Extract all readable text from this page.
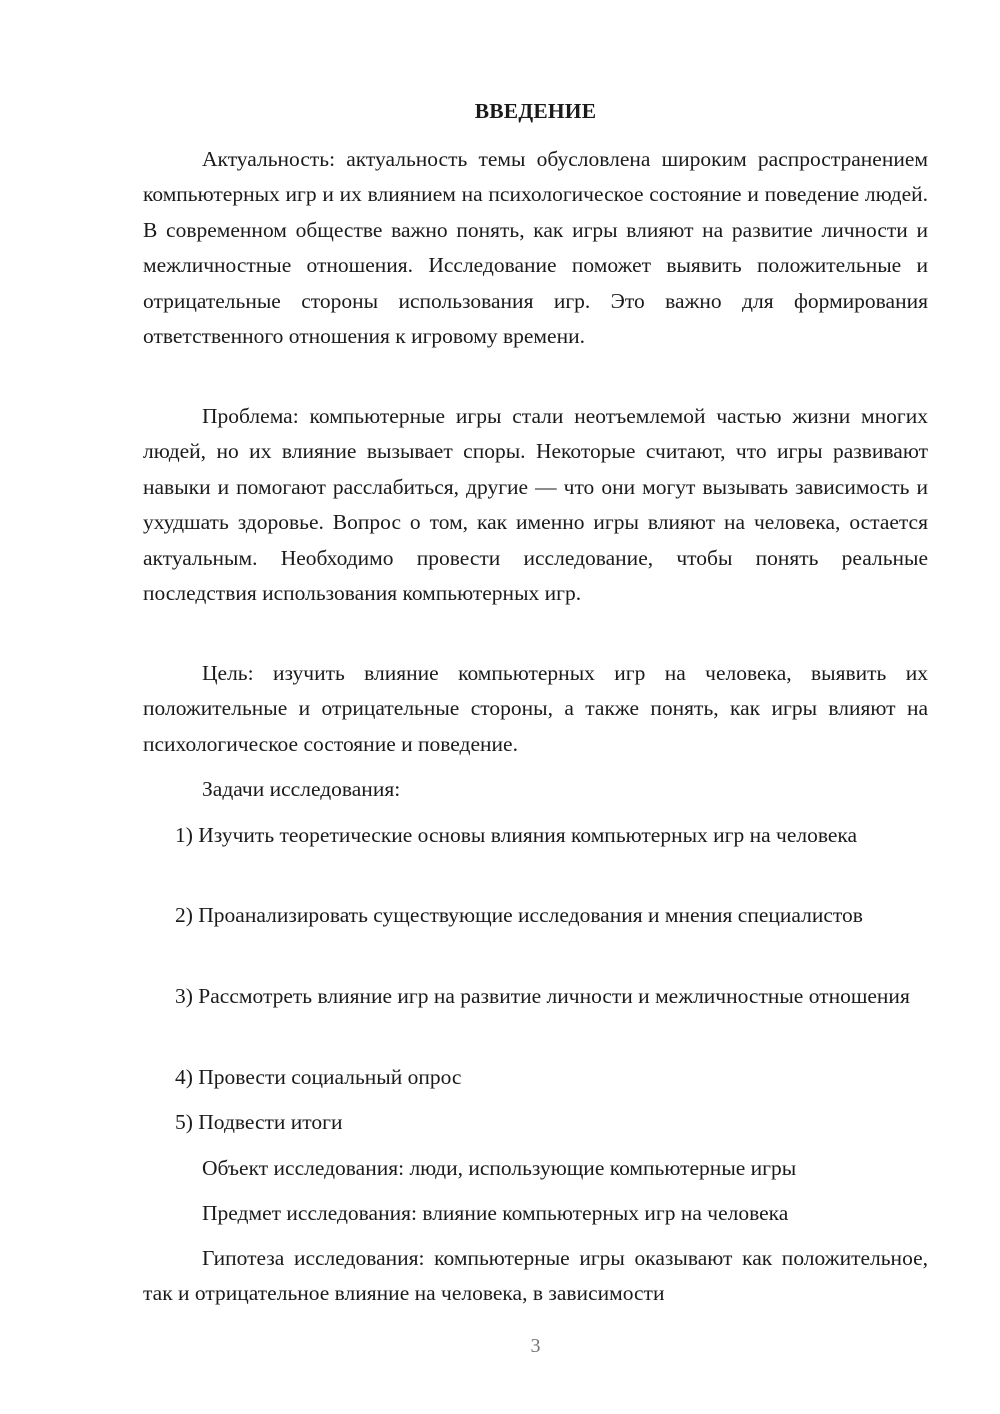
ВВЕДЕНИЕ

Актуальность: актуальность темы обусловлена широким распространением компьютерных игр и их влиянием на психологическое состояние и поведение людей. В современном обществе важно понять, как игры влияют на развитие личности и межличностные отношения. Исследование поможет выявить положительные и отрицательные стороны использования игр. Это важно для формирования ответственного отношения к игровому времени.

Проблема: компьютерные игры стали неотъемлемой частью жизни многих людей, но их влияние вызывает споры. Некоторые считают, что игры развивают навыки и помогают расслабиться, другие — что они могут вызывать зависимость и ухудшать здоровье. Вопрос о том, как именно игры влияют на человека, остается актуальным. Необходимо провести исследование, чтобы понять реальные последствия использования компьютерных игр.

Цель: изучить влияние компьютерных игр на человека, выявить их положительные и отрицательные стороны, а также понять, как игры влияют на психологическое состояние и поведение.

Задачи исследования:

1) Изучить теоретические основы влияния компьютерных игр на человека

2) Проанализировать существующие исследования и мнения специалистов

3) Рассмотреть влияние игр на развитие личности и межличностные отношения

4) Провести социальный опрос

5) Подвести итоги

Объект исследования: люди, использующие компьютерные игры

Предмет исследования: влияние компьютерных игр на человека

Гипотеза исследования: компьютерные игры оказывают как положительное, так и отрицательное влияние на человека, в зависимости

3
